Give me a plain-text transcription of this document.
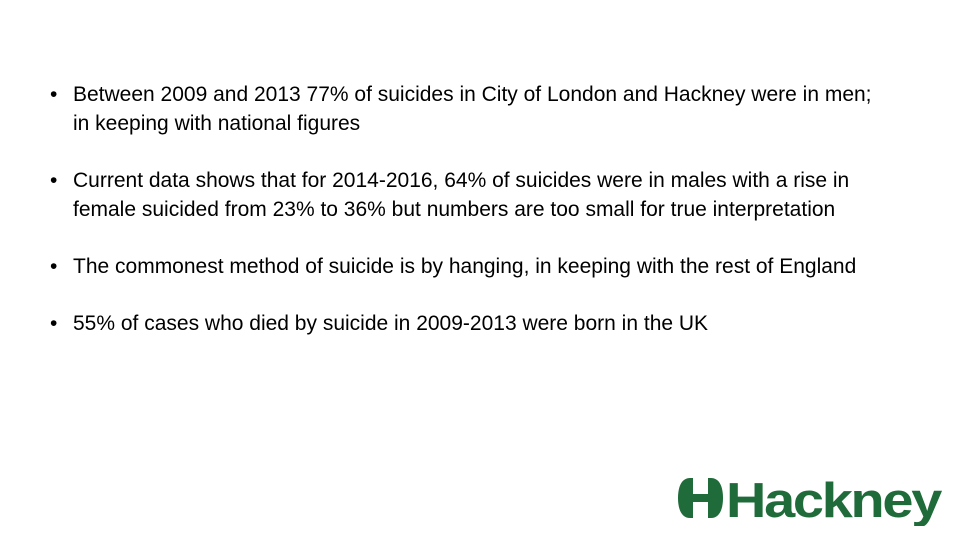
• Between 2009 and 2013 77% of suicides in City of London and Hackney were in men; in keeping with national figures
• Current data shows that for 2014-2016, 64% of suicides were in males with a rise in female suicided from 23% to 36% but numbers are too small for true interpretation
• The commonest method of suicide is by hanging, in keeping with the rest of England
• 55% of cases who died by suicide in 2009-2013 were born in the UK
Hackney
